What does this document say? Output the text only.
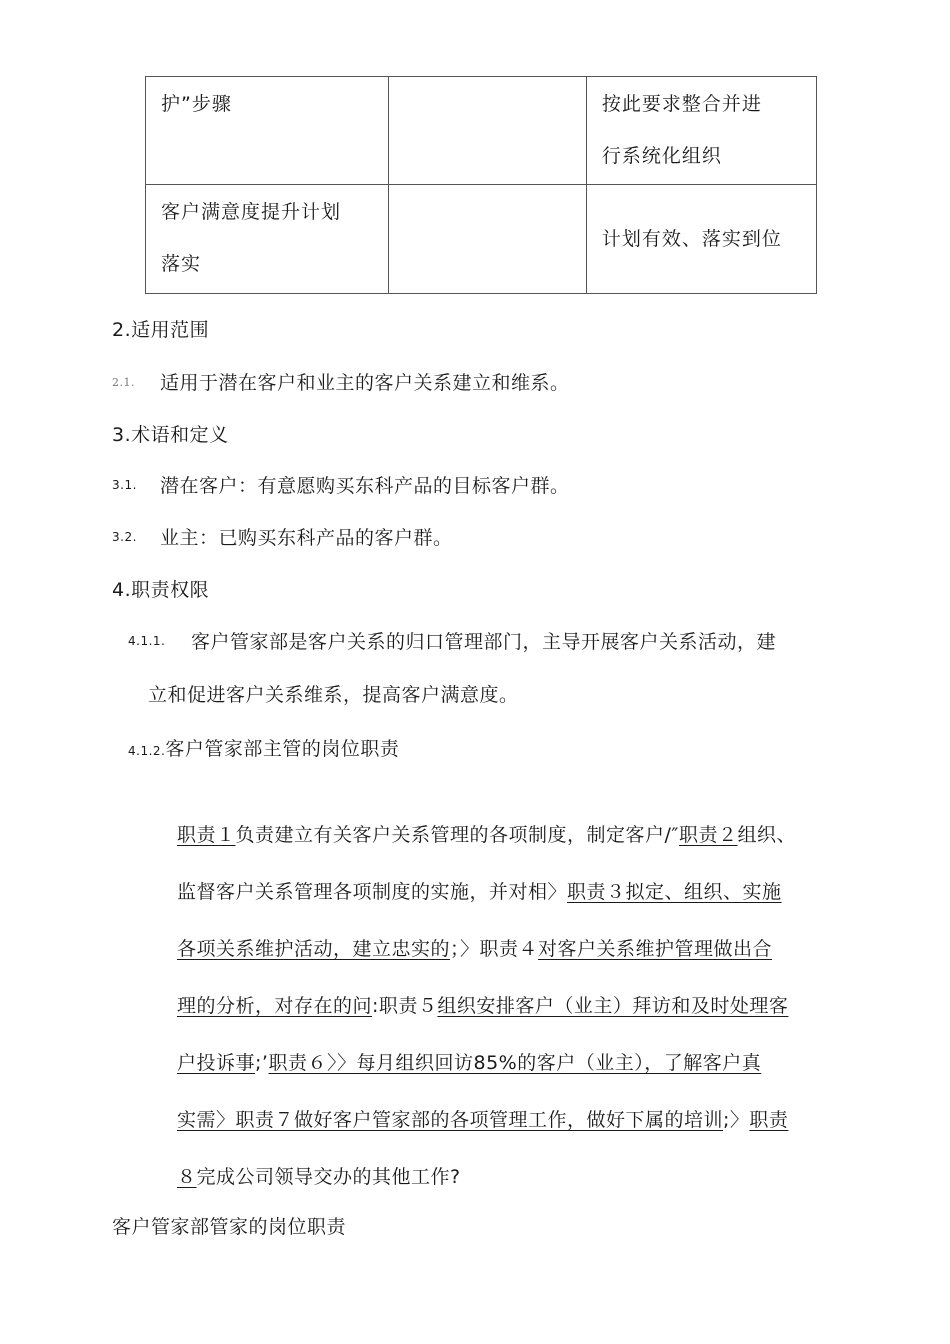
护”步骤		按此要求整合并进
行系统化组织

客户满意度提升计划
落实		计划有效、落实到位
2.适用范围
2.1. 适用于潜在客户和业主的客户关系建立和维系。
3.术语和定义
3.1. 潜在客户：有意愿购买东科产品的目标客户群。
3.2. 业主：已购买东科产品的客户群。
4.职责权限
4.1.1. 客户管家部是客户关系的归口管理部门，主导开展客户关系活动，建
立和促进客户关系维系，提高客户满意度。
4.1.2.客户管家部主管的岗位职责
职责１负责建立有关客户关系管理的各项制度，制定客户/″职责２组织、
监督客户关系管理各项制度的实施，并对相〉职责３拟定、组织、实施
各项关系维护活动，建立忠实的；〉职责４对客户关系维护管理做出合
理的分析，对存在的问:职责５组织安排客户（业主）拜访和及时处理客
户投诉事;’职责６〉〉每月组织回访85%的客户（业主），了解客户真
实需〉职责７做好客户管家部的各项管理工作，做好下属的培训;〉职责
８完成公司领导交办的其他工作?
客户管家部管家的岗位职责
